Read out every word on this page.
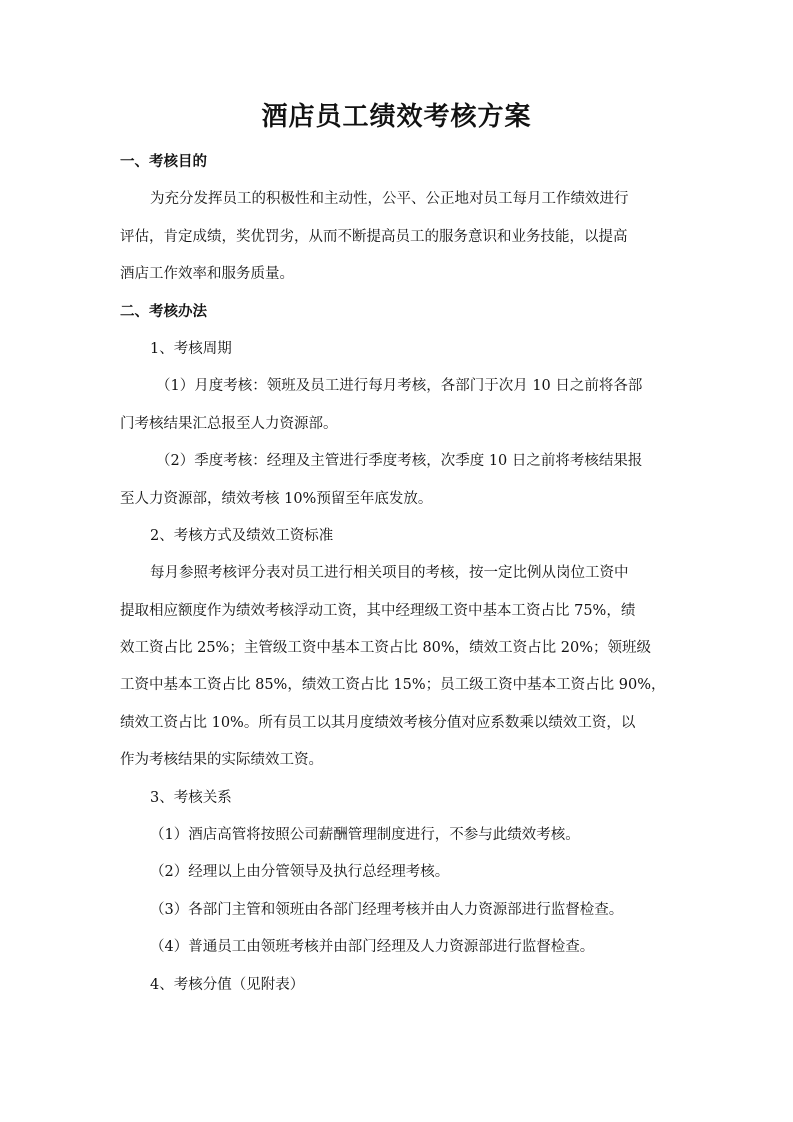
酒店员工绩效考核方案
一、考核目的
为充分发挥员工的积极性和主动性，公平、公正地对员工每月工作绩效进行
评估，肯定成绩，奖优罚劣，从而不断提高员工的服务意识和业务技能，以提高
酒店工作效率和服务质量。
二、考核办法
1、考核周期
（1）月度考核：领班及员工进行每月考核，各部门于次月 10 日之前将各部
门考核结果汇总报至人力资源部。
（2）季度考核：经理及主管进行季度考核，次季度 10 日之前将考核结果报
至人力资源部，绩效考核 10%预留至年底发放。
2、考核方式及绩效工资标准
每月参照考核评分表对员工进行相关项目的考核，按一定比例从岗位工资中
提取相应额度作为绩效考核浮动工资，其中经理级工资中基本工资占比 75%，绩
效工资占比 25%；主管级工资中基本工资占比 80%，绩效工资占比 20%；领班级
工资中基本工资占比 85%，绩效工资占比 15%；员工级工资中基本工资占比 90%，
绩效工资占比 10%。所有员工以其月度绩效考核分值对应系数乘以绩效工资，以
作为考核结果的实际绩效工资。
3、考核关系
（1）酒店高管将按照公司薪酬管理制度进行，不参与此绩效考核。
（2）经理以上由分管领导及执行总经理考核。
（3）各部门主管和领班由各部门经理考核并由人力资源部进行监督检查。
（4）普通员工由领班考核并由部门经理及人力资源部进行监督检查。
4、考核分值（见附表）
